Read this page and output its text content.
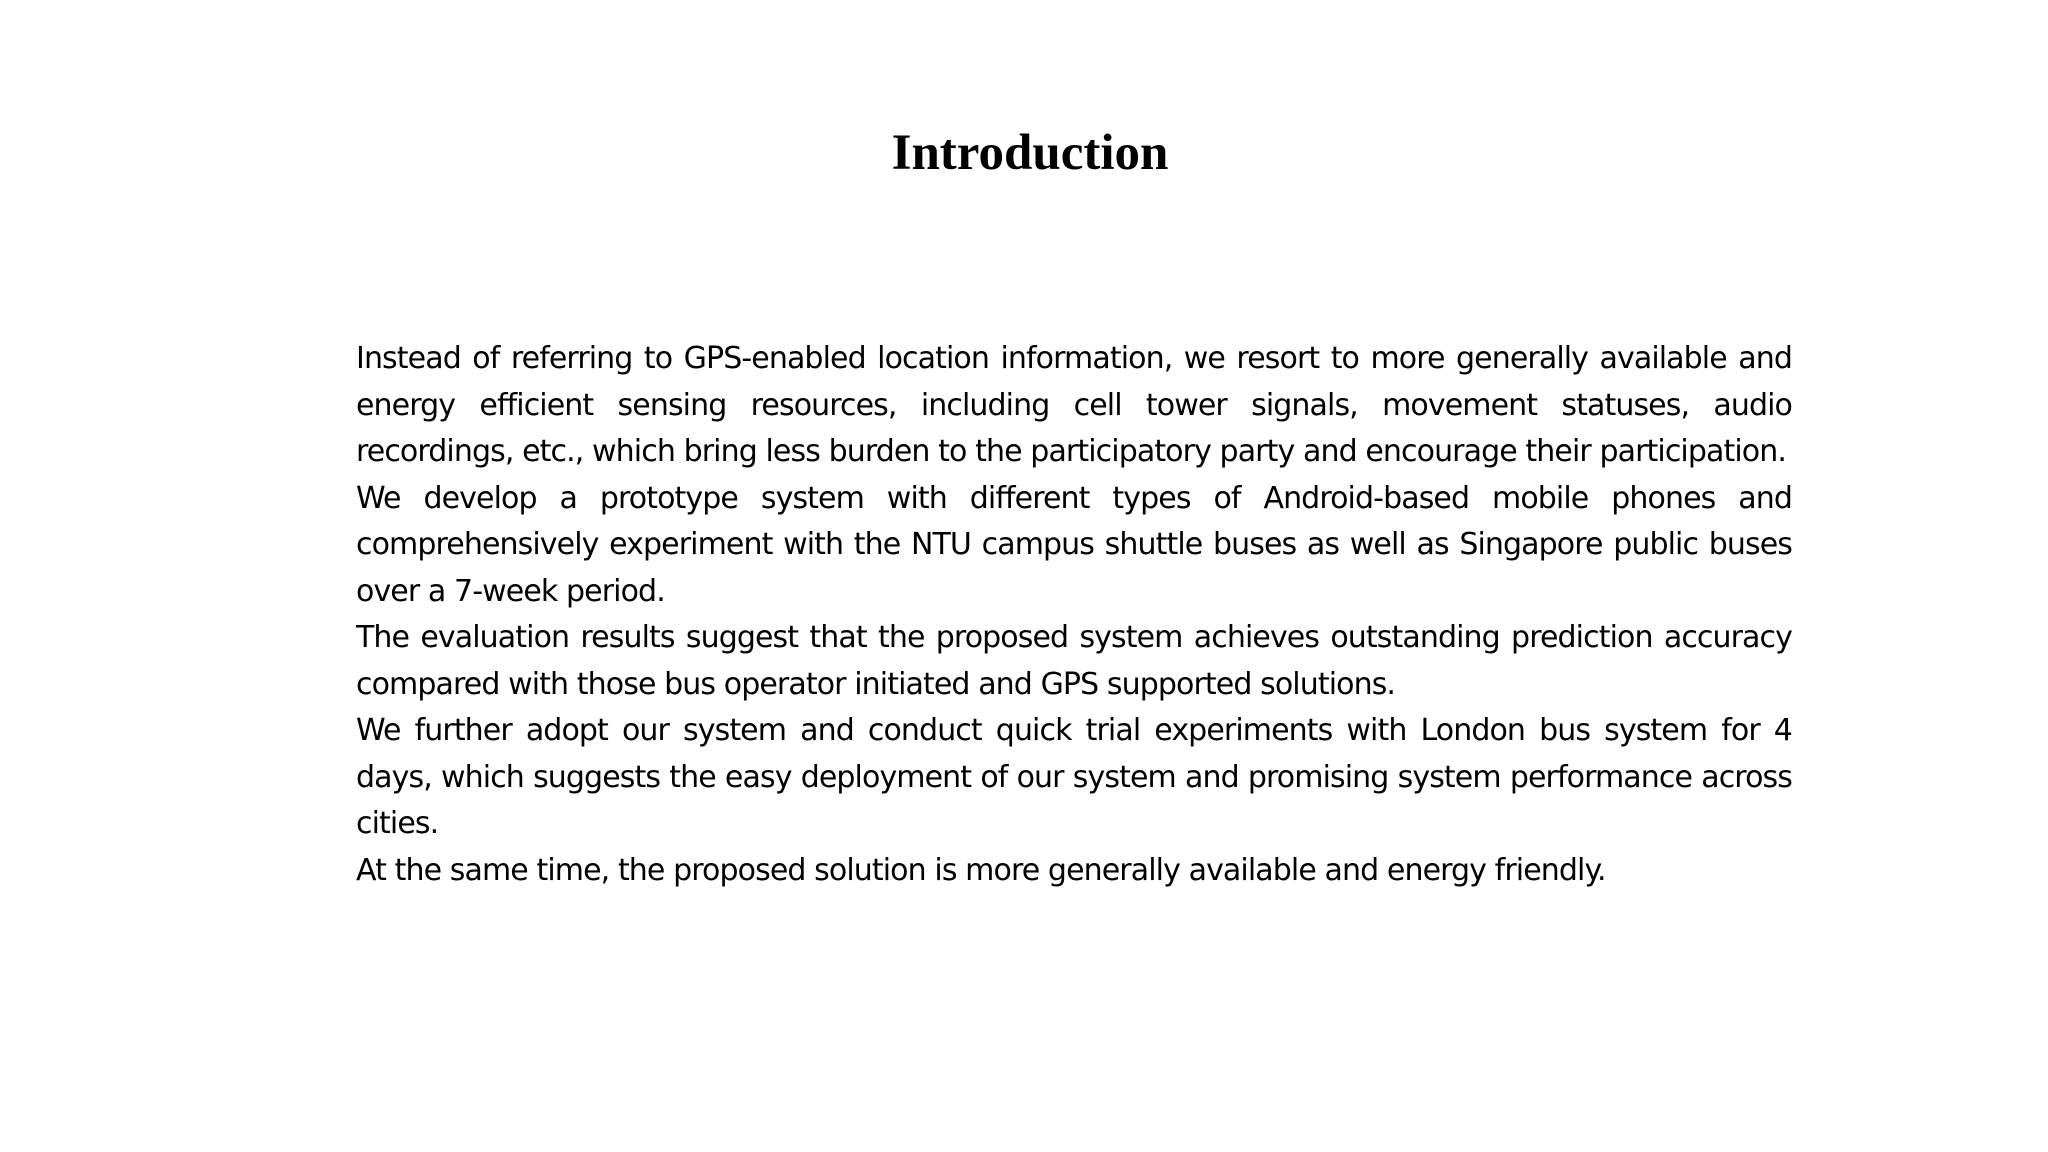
Introduction

Instead of referring to GPS-enabled location information, we resort to more generally available and energy efficient sensing resources, including cell tower signals, movement statuses, audio recordings, etc., which bring less burden to the participatory party and encourage their participation.

We develop a prototype system with different types of Android-based mobile phones and comprehensively experiment with the NTU campus shuttle buses as well as Singapore public buses over a 7-week period.

The evaluation results suggest that the proposed system achieves outstanding prediction accuracy compared with those bus operator initiated and GPS supported solutions.

We further adopt our system and conduct quick trial experiments with London bus system for 4 days, which suggests the easy deployment of our system and promising system performance across cities.

At the same time, the proposed solution is more generally available and energy friendly.
